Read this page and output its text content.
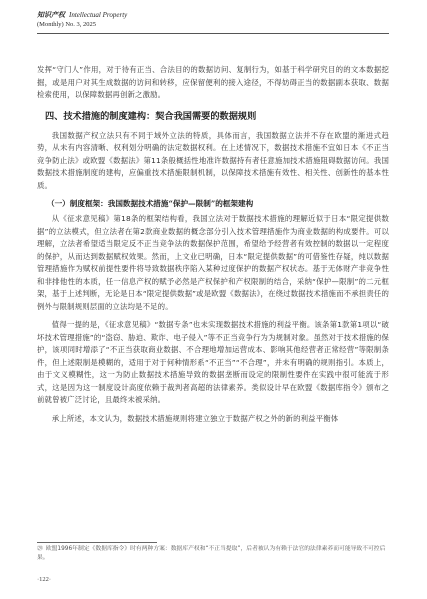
知识产权 Intellectual Property
(Monthly) No. 3, 2025

发挥“守门人”作用，对于待有正当、合法目的的数据访问、复制行为，如基于科学研究目的的文本数据挖掘，或是用户对其生成数据的访问和转移，应保留便利的接入途径，不得妨碍正当的数据副本获取、数据检索使用，以保障数据再创新之激励。

四、技术措施的制度建构：契合我国需要的数据规则

我国数据产权立法只有不同于域外立法的特质，具体而言，我国数据立法并不存在欧盟的渐进式趋势，从未有内容清晰、权利划分明确的法定数据权利。在上述情况下，数据技术措施不宜如日本《不正当竞争防止法》或欧盟《数据法》第11条般概括性地准许数据持有者任意施加技术措施阻碍数据访问。我国数据技术措施制度的建构，应偏重技术措施限制机制，以保障技术措施有效性、相关性、创新性的基本性质。

（一）制度框架：我国数据技术措施“保护—限制”的框架建构

从《征求意见稿》第18条的框架结构看，我国立法对于数据技术措施的理解近似于日本“限定提供数据”的立法模式，但立法者在第2款商业数据的概念部分引入技术管理措施作为商业数据的构成要件。可以理解，立法者希望适当限定反不正当竞争法的数据保护范围，希望给予经营者有效控制的数据以一定程度的保护，从而达到数据赋权效果。然而，上文业已明确，日本“限定提供数据”的可借鉴性存疑，纯以数据管理措施作为赋权前提性要件将导致数据秩序陷入某种过度保护的数据产权状态。基于无体财产非竞争性和非排他性的本质，任一信息产权的赋予必然是产权保护和产权限制的结合，采纳“保护—限制”的二元框架，基于上述判断，无论是日本“限定提供数据”或是欧盟《数据法》，在绕过数据技术措施而不承担责任的例外与限制规则层面的立法均是不足的。

值得一提的是，《征求意见稿》“数据专条”也未实现数据技术措施的利益平衡。该条第1款第1项以“破坏技术管理措施”的“盗窃、胁迫、欺诈、电子侵入”等不正当竞争行为为规制对象。虽然对于技术措施的保护，该项同时增添了“不正当获取商业数据、不合理地增加运营成本、影响其他经营者正常经营”等限制条件，但上述限制是模糊的，适用于对于何种情形系“不正当”“不合理”，并未有明确的规则指引。本质上，由于文义模糊性，这一为防止数据技术措施导致的数据垄断而设定的限制性要件在实践中很可能流于形式，这是因为这一制度设计高度依赖于裁判者高超的法律素养。类似设计早在欧盟《数据库指令》颁布之前就曾被广泛讨论，且最终未被采纳。

承上所述，本文认为，数据技术措施规则将建立独立于数据产权之外的新的利益平衡体

㉘ 欧盟1996年制定《数据库指令》时有两种方案：数据库产权和“不正当提取”，后者被认为有赖于法官的法律素养而可能导致不可控后果。
·122·
